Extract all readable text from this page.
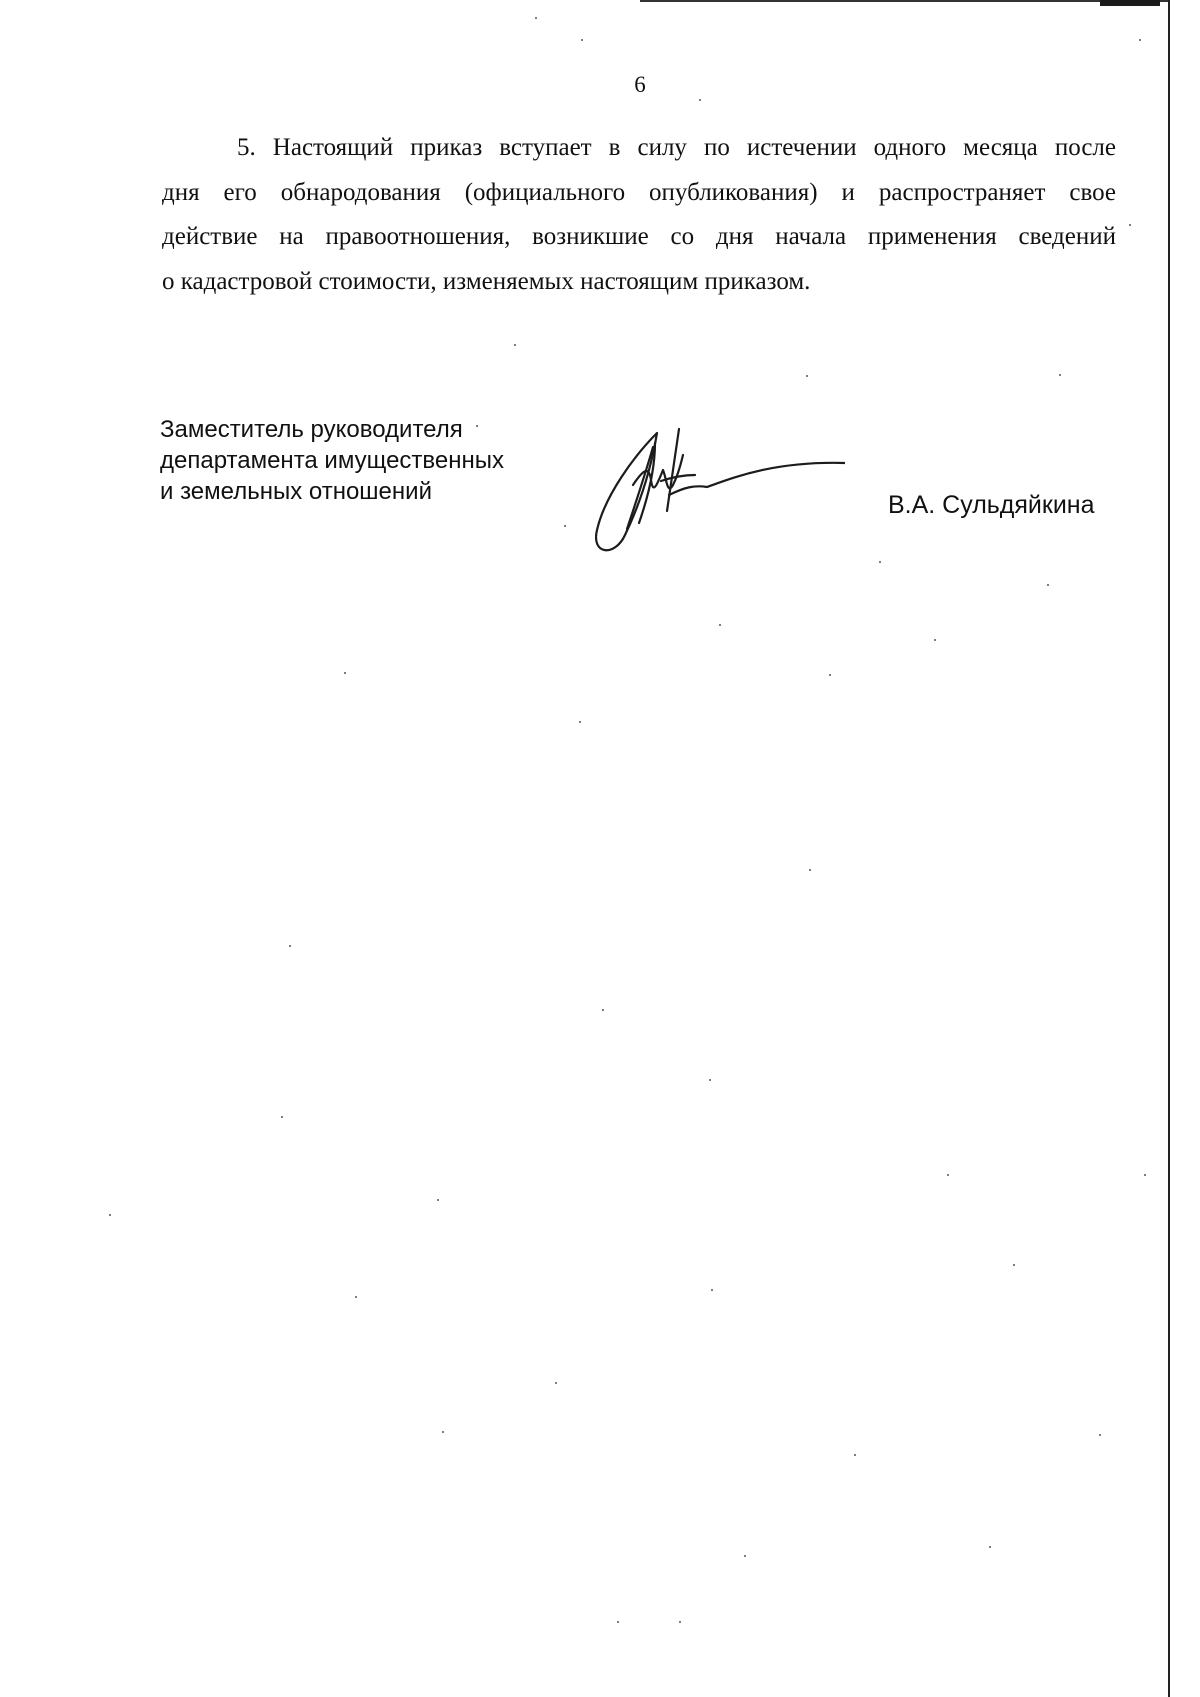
6

5. Настоящий приказ вступает в силу по истечении одного месяца после
дня его обнародования (официального опубликования) и распространяет свое
действие на правоотношения, возникшие со дня начала применения сведений
о кадастровой стоимости, изменяемых настоящим приказом.

Заместитель руководителя
департамента имущественных
и земельных отношений	В.А. Сульдяйкина
